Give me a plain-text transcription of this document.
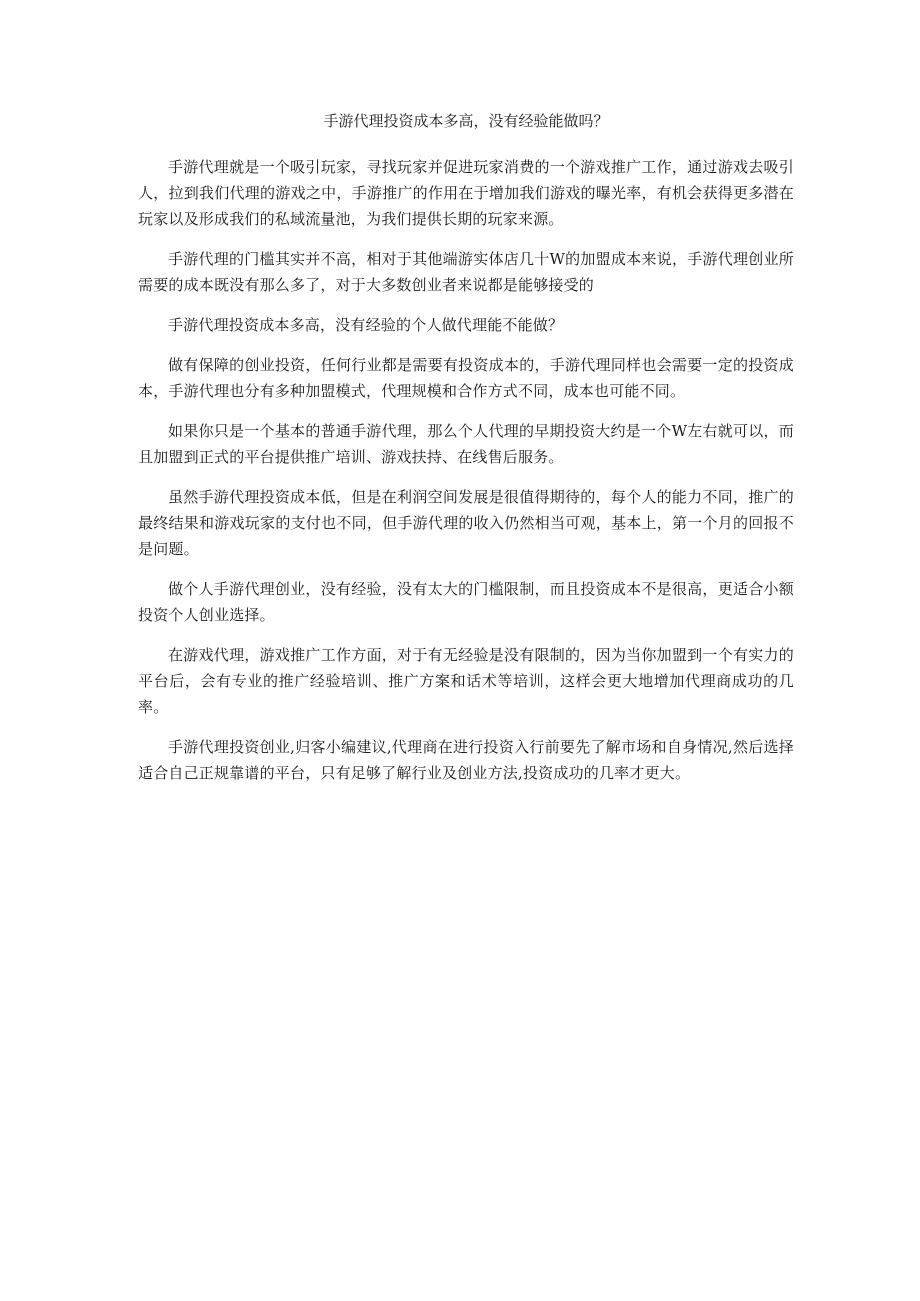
手游代理投资成本多高，没有经验能做吗？

手游代理就是一个吸引玩家，寻找玩家并促进玩家消费的一个游戏推广工作，通过游戏去吸引人，拉到我们代理的游戏之中，手游推广的作用在于增加我们游戏的曝光率，有机会获得更多潜在玩家以及形成我们的私域流量池，为我们提供长期的玩家来源。

手游代理的门槛其实并不高，相对于其他端游实体店几十W的加盟成本来说，手游代理创业所需要的成本既没有那么多了，对于大多数创业者来说都是能够接受的

手游代理投资成本多高，没有经验的个人做代理能不能做？

做有保障的创业投资，任何行业都是需要有投资成本的，手游代理同样也会需要一定的投资成本，手游代理也分有多种加盟模式，代理规模和合作方式不同，成本也可能不同。

如果你只是一个基本的普通手游代理，那么个人代理的早期投资大约是一个W左右就可以，而且加盟到正式的平台提供推广培训、游戏扶持、在线售后服务。

虽然手游代理投资成本低，但是在利润空间发展是很值得期待的，每个人的能力不同，推广的最终结果和游戏玩家的支付也不同，但手游代理的收入仍然相当可观，基本上，第一个月的回报不是问题。

做个人手游代理创业，没有经验，没有太大的门槛限制，而且投资成本不是很高，更适合小额投资个人创业选择。

在游戏代理，游戏推广工作方面，对于有无经验是没有限制的，因为当你加盟到一个有实力的平台后，会有专业的推广经验培训、推广方案和话术等培训，这样会更大地增加代理商成功的几率。

手游代理投资创业,归客小编建议,代理商在进行投资入行前要先了解市场和自身情况,然后选择适合自己正规靠谱的平台，只有足够了解行业及创业方法,投资成功的几率才更大。
